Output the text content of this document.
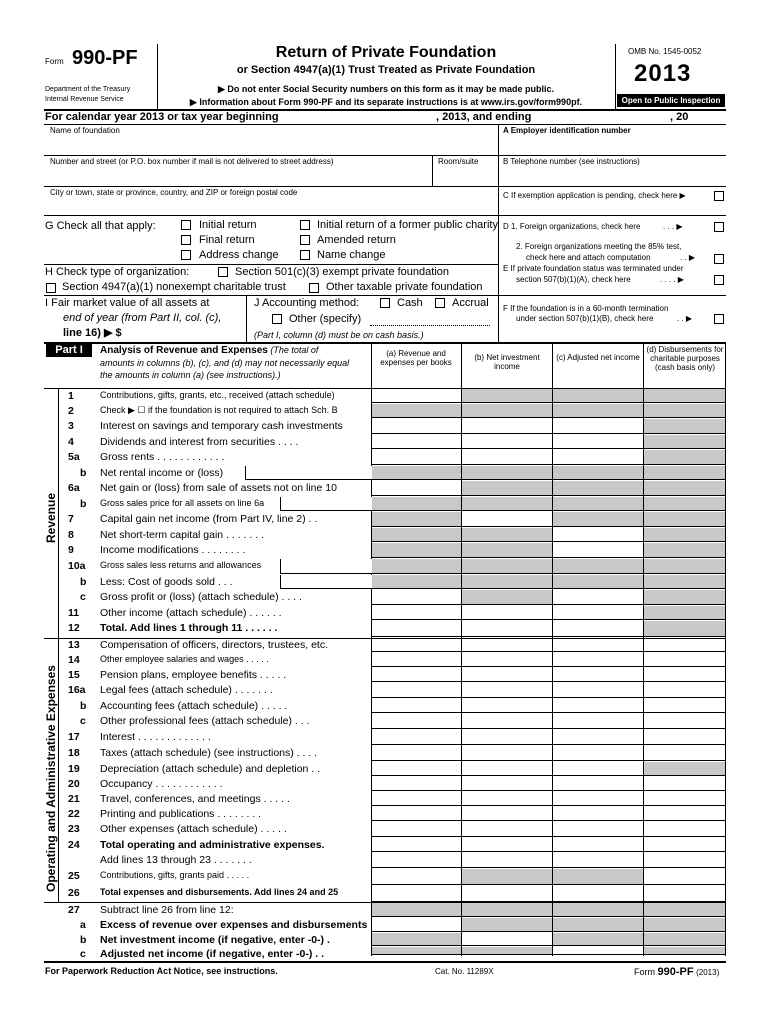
Form 990-PF
Department of the Treasury
Internal Revenue Service
Return of Private Foundation
or Section 4947(a)(1) Trust Treated as Private Foundation
▶ Do not enter Social Security numbers on this form as it may be made public.
▶ Information about Form 990-PF and its separate instructions is at www.irs.gov/form990pf.
OMB No. 1545-0052
2013
Open to Public Inspection
For calendar year 2013 or tax year beginning	, 2013, and ending	, 20
Name of foundation	A Employer identification number
Number and street (or P.O. box number if mail is not delivered to street address)	Room/suite	B Telephone number (see instructions)
City or town, state or province, country, and ZIP or foreign postal code	C If exemption application is pending, check here ▶
G Check all that apply:	Initial return
Final return
Address change
Initial return of a former public charity
Amended return
Name change
D 1. Foreign organizations, check here	. . . ▶
2. Foreign organizations meeting the 85% test,
check here and attach computation	. . ▶
E If private foundation status was terminated under
section 507(b)(1)(A), check here	. . . . ▶
F If the foundation is in a 60-month termination
under section 507(b)(1)(B), check here	. . ▶
H Check type of organization:	Section 501(c)(3) exempt private foundation
Section 4947(a)(1) nonexempt charitable trust	Other taxable private foundation
I Fair market value of all assets at
end of year (from Part II, col. (c),
line 16) ▶ $
J Accounting method:	Cash	Accrual
Other (specify)
(Part I, column (d) must be on cash basis.)
Part I	Analysis of Revenue and Expenses (The total of
amounts in columns (b), (c), and (d) may not necessarily equal
the amounts in column (a) (see instructions).)
(a) Revenue and expenses per books
(b) Net investment income
(c) Adjusted net income
(d) Disbursements for charitable purposes (cash basis only)
Revenue
Operating and Administrative Expenses
1	Contributions, gifts, grants, etc., received (attach schedule)
2	Check ▶ ☐ if the foundation is not required to attach Sch. B
3	Interest on savings and temporary cash investments
4	Dividends and interest from securities . . . .
5a	Gross rents . . . . . . . . . . . .
b	Net rental income or (loss)
6a	Net gain or (loss) from sale of assets not on line 10
b	Gross sales price for all assets on line 6a
7	Capital gain net income (from Part IV, line 2) . .
8	Net short-term capital gain . . . . . . .
9	Income modifications . . . . . . . .
10a	Gross sales less returns and allowances
b	Less: Cost of goods sold . . .
c	Gross profit or (loss) (attach schedule) . . . .
11	Other income (attach schedule) . . . . . .
12	Total. Add lines 1 through 11 . . . . . .
13	Compensation of officers, directors, trustees, etc.
14	Other employee salaries and wages . . . . .
15	Pension plans, employee benefits . . . . .
16a	Legal fees (attach schedule) . . . . . . .
b	Accounting fees (attach schedule) . . . . .
c	Other professional fees (attach schedule) . . .
17	Interest . . . . . . . . . . . . .
18	Taxes (attach schedule) (see instructions) . . . .
19	Depreciation (attach schedule) and depletion . .
20	Occupancy . . . . . . . . . . . .
21	Travel, conferences, and meetings . . . . .
22	Printing and publications . . . . . . . .
23	Other expenses (attach schedule) . . . . .
24	Total operating and administrative expenses.
Add lines 13 through 23 . . . . . . .
25	Contributions, gifts, grants paid . . . . .
26	Total expenses and disbursements. Add lines 24 and 25
27	Subtract line 26 from line 12:
a	Excess of revenue over expenses and disbursements
b	Net investment income (if negative, enter -0-) .
c	Adjusted net income (if negative, enter -0-) . .
For Paperwork Reduction Act Notice, see instructions.	Cat. No. 11289X	Form 990-PF (2013)
